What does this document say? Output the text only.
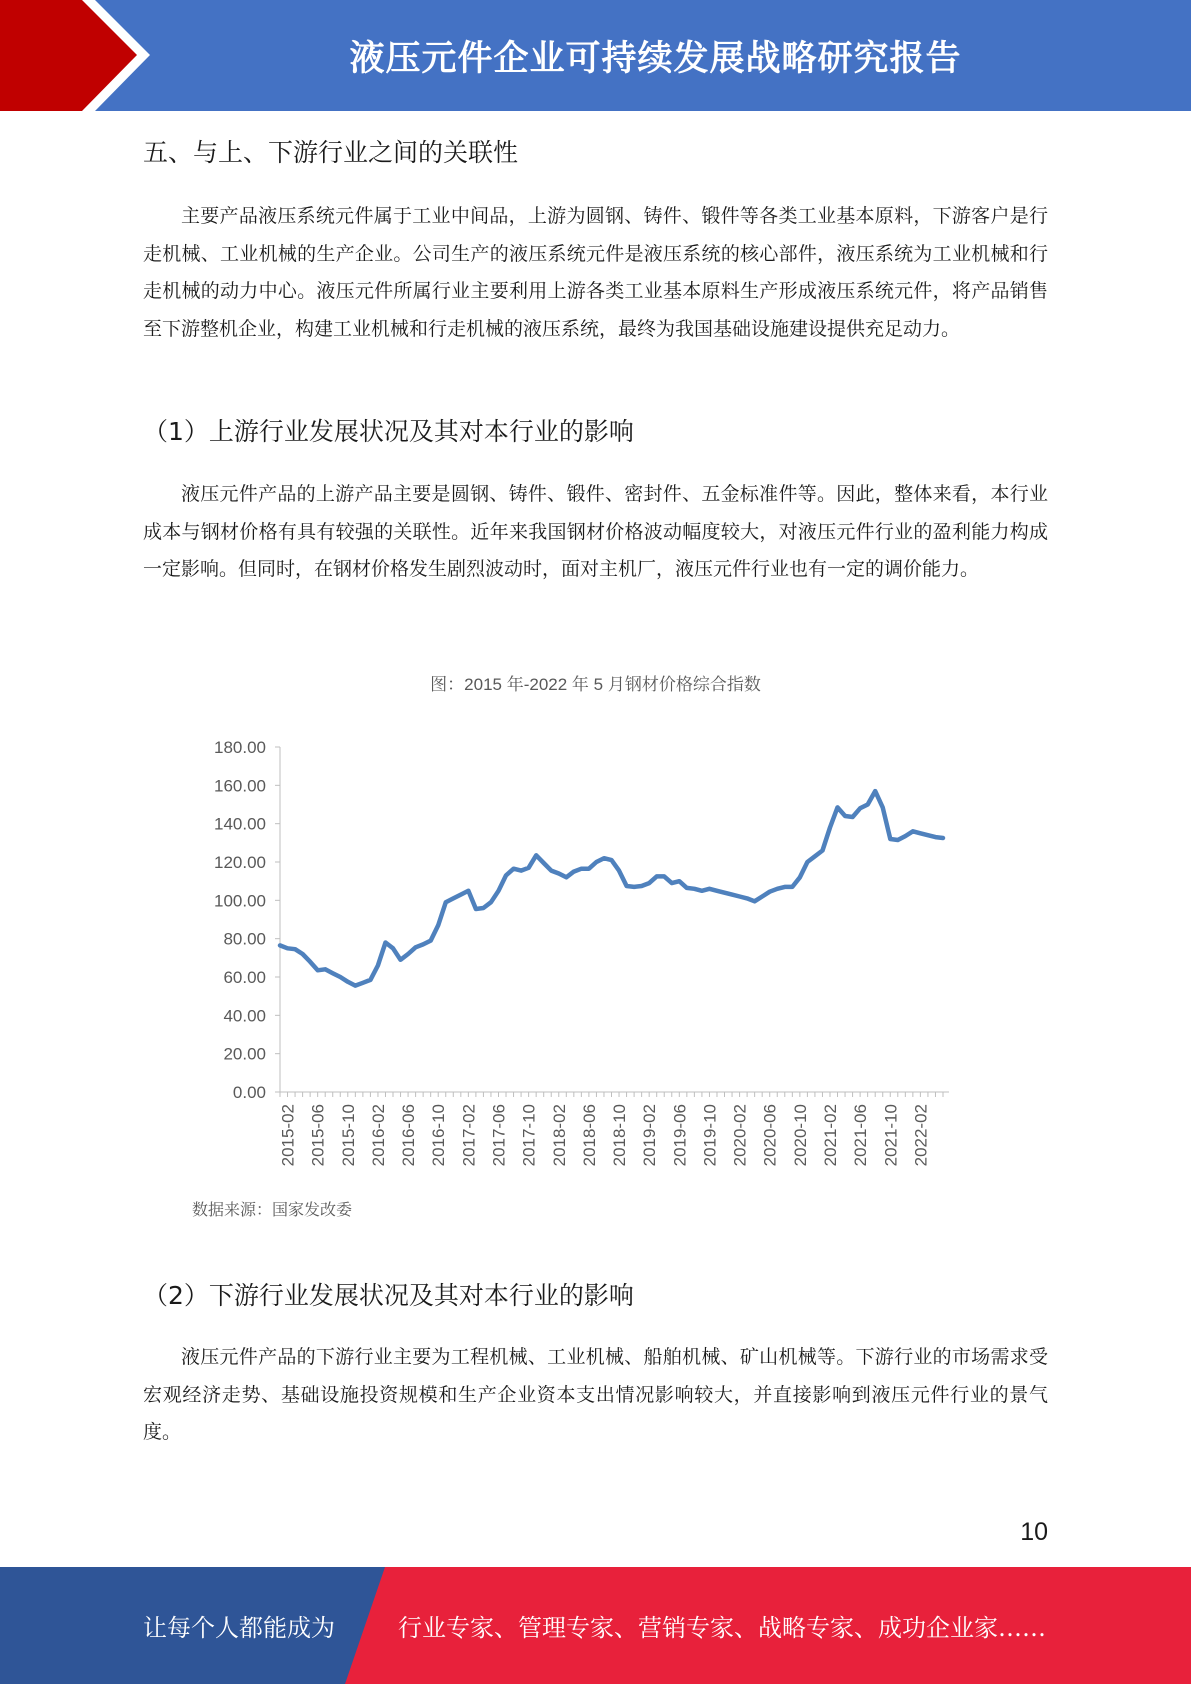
液压元件企业可持续发展战略研究报告
五、与上、下游行业之间的关联性

主要产品液压系统元件属于工业中间品，上游为圆钢、铸件、锻件等各类工业基本原料，下游客户是行走机械、工业机械的生产企业。公司生产的液压系统元件是液压系统的核心部件，液压系统为工业机械和行走机械的动力中心。液压元件所属行业主要利用上游各类工业基本原料生产形成液压系统元件，将产品销售至下游整机企业，构建工业机械和行走机械的液压系统，最终为我国基础设施建设提供充足动力。

（1）上游行业发展状况及其对本行业的影响

液压元件产品的上游产品主要是圆钢、铸件、锻件、密封件、五金标准件等。因此，整体来看，本行业成本与钢材价格有具有较强的关联性。近年来我国钢材价格波动幅度较大，对液压元件行业的盈利能力构成一定影响。但同时，在钢材价格发生剧烈波动时，面对主机厂，液压元件行业也有一定的调价能力。

图：2015 年-2022 年 5 月钢材价格综合指数
0.00
20.00
40.00
60.00
80.00
100.00
120.00
140.00
160.00
180.00
2015-02 2015-06 2015-10 2016-02 2016-06 2016-10 2017-02 2017-06 2017-10 2018-02 2018-06 2018-10 2019-02 2019-06 2019-10 2020-02 2020-06 2020-10 2021-02 2021-06 2021-10 2022-02
数据来源：国家发改委
（2）下游行业发展状况及其对本行业的影响

液压元件产品的下游行业主要为工程机械、工业机械、船舶机械、矿山机械等。下游行业的市场需求受宏观经济走势、基础设施投资规模和生产企业资本支出情况影响较大，并直接影响到液压元件行业的景气度。

10
让每个人都能成为	行业专家、管理专家、营销专家、战略专家、成功企业家……
